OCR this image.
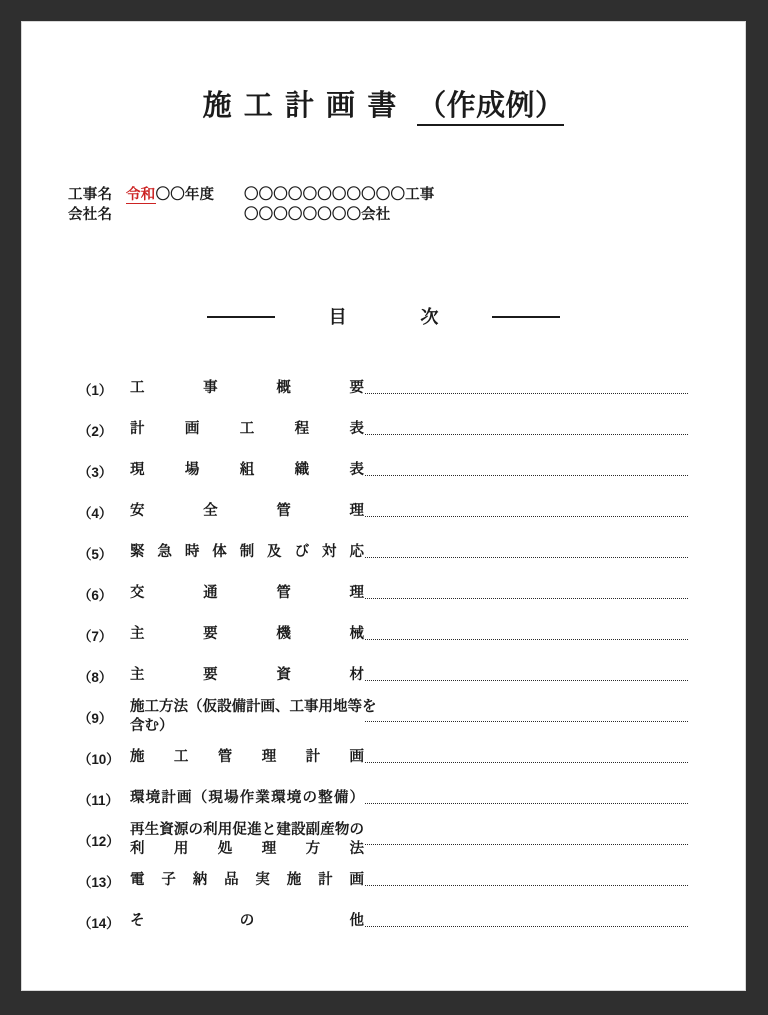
施工計画書 （作成例）
工事名 令和〇〇年度	〇〇〇〇〇〇〇〇〇〇〇工事
会社名	〇〇〇〇〇〇〇〇会社
目　次
（1）	工事概要
（2）	計画工程表
（3）	現場組織表
（4）	安全管理
（5）	緊急時体制及び対応
（6）	交通管理
（7）	主要機械
（8）	主要資材
（9）
施工方法（仮設備計画、工事用地等を
含む）
（10） 施工管理計画
（11） 環境計画（現場作業環境の整備）
（12）
再生資源の利用促進と建設副産物の
利用処理方法
（13） 電子納品実施計画
（14） その他
